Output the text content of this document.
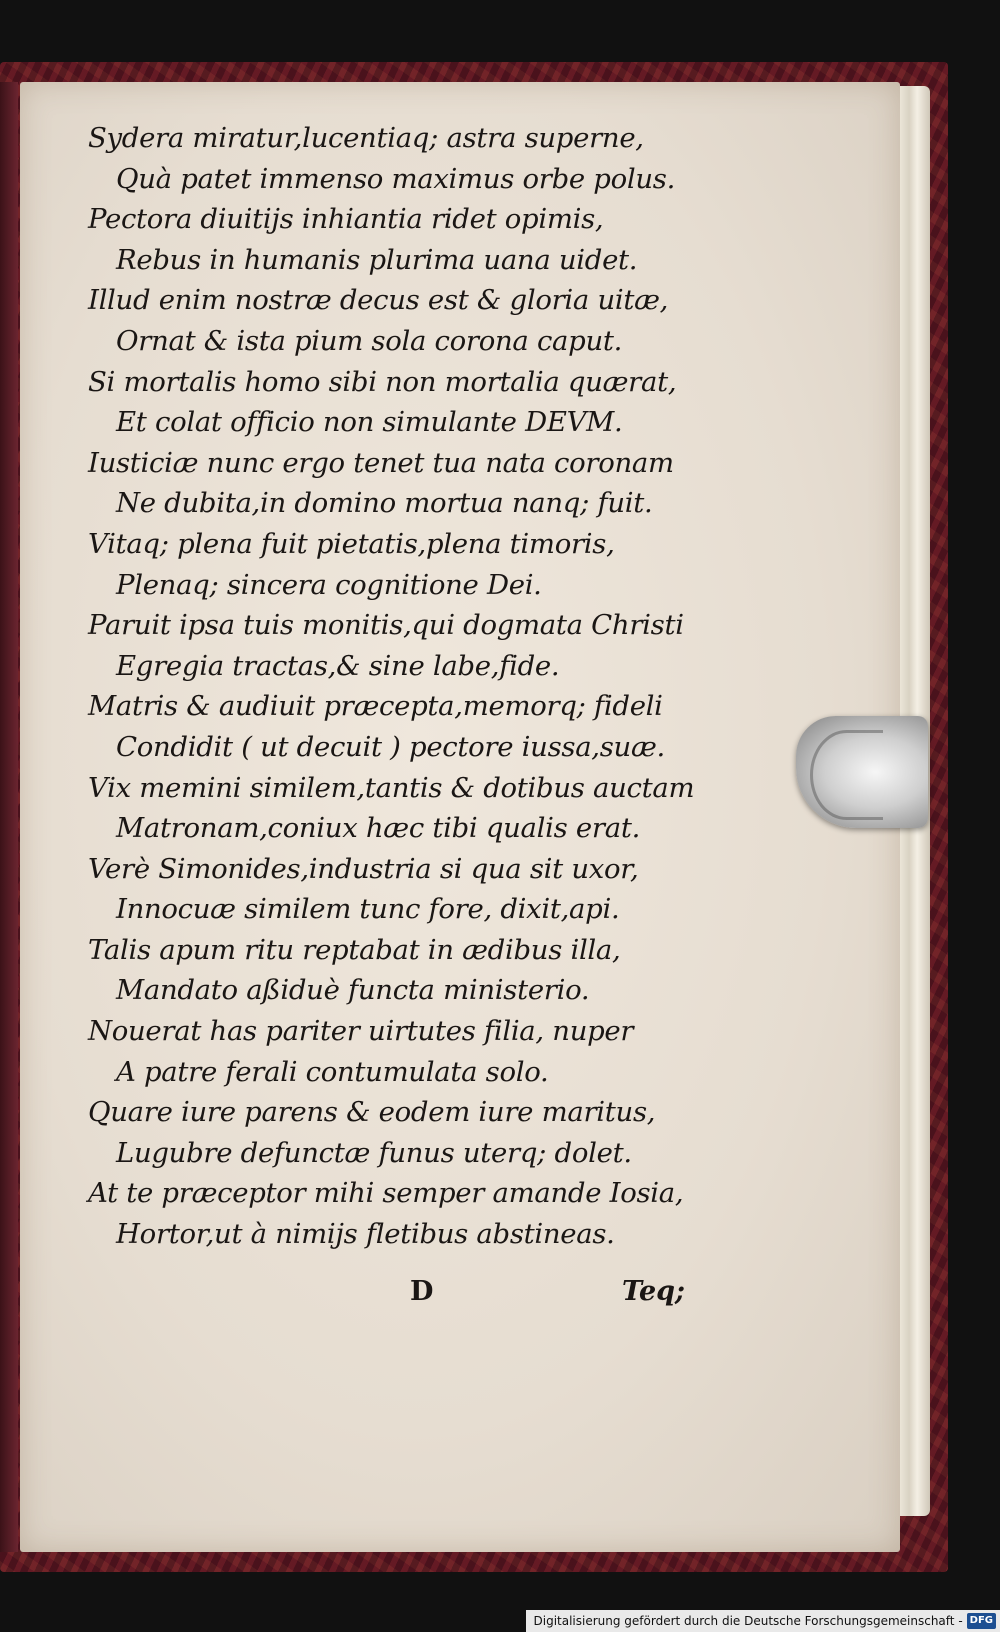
Sydera miratur,lucentiaq; astra superne,
Quà patet immenso maximus orbe polus.
Pectora diuitijs inhiantia ridet opimis,
Rebus in humanis plurima uana uidet.
Illud enim nostræ decus est & gloria uitæ,
Ornat & ista pium sola corona caput.
Si mortalis homo sibi non mortalia quærat,
Et colat officio non simulante DEVM.
Iusticiæ nunc ergo tenet tua nata coronam
Ne dubita,in domino mortua nanq; fuit.
Vitaq; plena fuit pietatis,plena timoris,
Plenaq; sincera cognitione Dei.
Paruit ipsa tuis monitis,qui dogmata Christi
Egregia tractas,& sine labe,fide.
Matris & audiuit præcepta,memorq; fideli
Condidit ( ut decuit ) pectore iussa,suæ.
Vix memini similem,tantis & dotibus auctam
Matronam,coniux hæc tibi qualis erat.
Verè Simonides,industria si qua sit uxor,
Innocuæ similem tunc fore, dixit,api.
Talis apum ritu reptabat in ædibus illa,
Mandato aßiduè functa ministerio.
Nouerat has pariter uirtutes filia, nuper
A patre ferali contumulata solo.
Quare iure parens & eodem iure maritus,
Lugubre defunctæ funus uterq; dolet.
At te præceptor mihi semper amande Iosia,
Hortor,ut à nimijs fletibus abstineas.
D	Teq;
Digitalisierung gefördert durch die Deutsche Forschungsgemeinschaft - DFG
